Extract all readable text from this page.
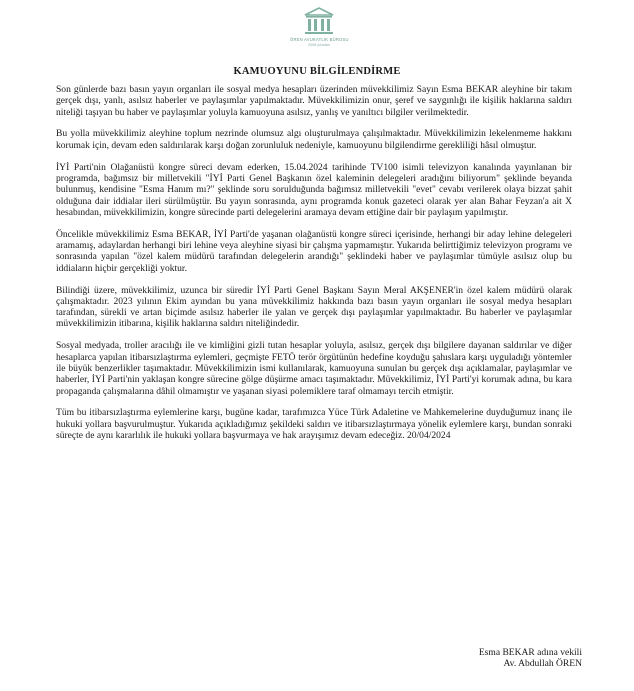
ÖREN AVUKATLIK BÜROSU
2008 yılından
KAMUOYUNU BİLGİLENDİRME

Son günlerde bazı basın yayın organları ile sosyal medya hesapları üzerinden müvekkilimiz Sayın Esma BEKAR aleyhine bir takım gerçek dışı, yanlı, asılsız haberler ve paylaşımlar yapılmaktadır. Müvekkilimizin onur, şeref ve saygınlığı ile kişilik haklarına saldırı niteliği taşıyan bu haber ve paylaşımlar yoluyla kamuoyuna asılsız, yanlış ve yanıltıcı bilgiler verilmektedir.

Bu yolla müvekkilimiz aleyhine toplum nezrinde olumsuz algı oluşturulmaya çalışılmaktadır. Müvekkilimizin lekelenmeme hakkını korumak için, devam eden saldırılarak karşı doğan zorunluluk nedeniyle, kamuoyunu bilgilendirme gerekliliği hâsıl olmuştur.

İYİ Parti'nin Olağanüstü kongre süreci devam ederken, 15.04.2024 tarihinde TV100 isimli televizyon kanalında yayınlanan bir programda, bağımsız bir milletvekili "İYİ Parti Genel Başkanın özel kaleminin delegeleri aradığını biliyorum" şeklinde beyanda bulunmuş, kendisine "Esma Hanım mı?" şeklinde soru sorulduğunda bağımsız milletvekili "evet" cevabı verilerek olaya bizzat şahit olduğuna dair iddialar ileri sürülmüştür. Bu yayın sonrasında, aynı programda konuk gazeteci olarak yer alan Bahar Feyzan'a ait X hesabından, müvekkilimizin, kongre sürecinde parti delegelerini aramaya devam ettiğine dair bir paylaşım yapılmıştır.

Öncelikle müvekkilimiz Esma BEKAR, İYİ Parti'de yaşanan olağanüstü kongre süreci içerisinde, herhangi bir aday lehine delegeleri aramamış, adaylardan herhangi biri lehine veya aleyhine siyasi bir çalışma yapmamıştır. Yukarıda belirttiğimiz televizyon programı ve sonrasında yapılan "özel kalem müdürü tarafından delegelerin arandığı" şeklindeki haber ve paylaşımlar tümüyle asılsız olup bu iddiaların hiçbir gerçekliği yoktur.

Bilindiği üzere, müvekkilimiz, uzunca bir süredir İYİ Parti Genel Başkanı Sayın Meral AKŞENER'in özel kalem müdürü olarak çalışmaktadır. 2023 yılının Ekim ayından bu yana müvekkilimiz hakkında bazı basın yayın organları ile sosyal medya hesapları tarafından, sürekli ve artan biçimde asılsız haberler ile yalan ve gerçek dışı paylaşımlar yapılmaktadır. Bu haberler ve paylaşımlar müvekkilimizin itibarına, kişilik haklarına saldırı niteliğindedir.

Sosyal medyada, troller aracılığı ile ve kimliğini gizli tutan hesaplar yoluyla, asılsız, gerçek dışı bilgilere dayanan saldırılar ve diğer hesaplarca yapılan itibarsızlaştırma eylemleri, geçmişte FETÖ terör örgütünün hedefine koyduğu şahıslara karşı uyguladığı yöntemler ile büyük benzerlikler taşımaktadır. Müvekkilimizin ismi kullanılarak, kamuoyuna sunulan bu gerçek dışı açıklamalar, paylaşımlar ve haberler, İYİ Parti'nin yaklaşan kongre sürecine gölge düşürme amacı taşımaktadır. Müvekkilimiz, İYİ Parti'yi korumak adına, bu kara propaganda çalışmalarına dâhil olmamıştır ve yaşanan siyasi polemiklere taraf olmamayı tercih etmiştir.

Tüm bu itibarsızlaştırma eylemlerine karşı, bugüne kadar, tarafımızca Yüce Türk Adaletine ve Mahkemelerine duyduğumuz inanç ile hukuki yollara başvurulmuştur. Yukarıda açıkladığımız şekildeki saldırı ve itibarsızlaştırmaya yönelik eylemlere karşı, bundan sonraki süreçte de aynı kararlılık ile hukuki yollara başvurmaya ve hak arayışımız devam edeceğiz. 20/04/2024

Esma BEKAR adına vekili
Av. Abdullah ÖREN
